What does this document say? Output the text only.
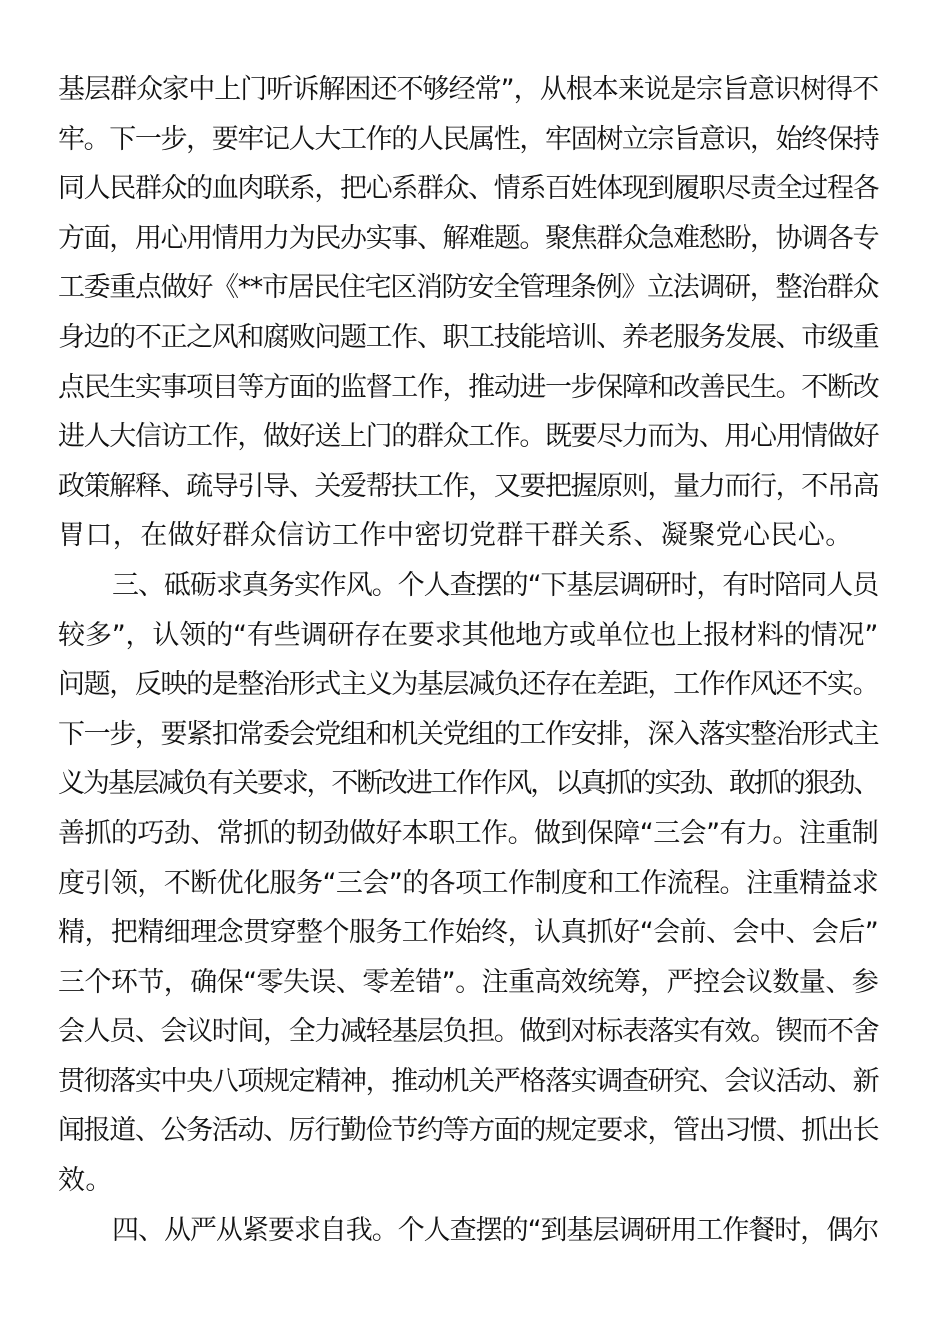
基层群众家中上门听诉解困还不够经常”，从根本来说是宗旨意识树得不
牢。下一步，要牢记人大工作的人民属性，牢固树立宗旨意识，始终保持
同人民群众的血肉联系，把心系群众、情系百姓体现到履职尽责全过程各
方面，用心用情用力为民办实事、解难题。聚焦群众急难愁盼，协调各专
工委重点做好《**市居民住宅区消防安全管理条例》立法调研，整治群众
身边的不正之风和腐败问题工作、职工技能培训、养老服务发展、市级重
点民生实事项目等方面的监督工作，推动进一步保障和改善民生。不断改
进人大信访工作，做好送上门的群众工作。既要尽力而为、用心用情做好
政策解释、疏导引导、关爱帮扶工作，又要把握原则，量力而行，不吊高
胃口，在做好群众信访工作中密切党群干群关系、凝聚党心民心。
三、砥砺求真务实作风。个人查摆的“下基层调研时，有时陪同人员
较多”，认领的“有些调研存在要求其他地方或单位也上报材料的情况”
问题，反映的是整治形式主义为基层减负还存在差距，工作作风还不实。
下一步，要紧扣常委会党组和机关党组的工作安排，深入落实整治形式主
义为基层减负有关要求，不断改进工作作风，以真抓的实劲、敢抓的狠劲、
善抓的巧劲、常抓的韧劲做好本职工作。做到保障“三会”有力。注重制
度引领，不断优化服务“三会”的各项工作制度和工作流程。注重精益求
精，把精细理念贯穿整个服务工作始终，认真抓好“会前、会中、会后”
三个环节，确保“零失误、零差错”。注重高效统筹，严控会议数量、参
会人员、会议时间，全力减轻基层负担。做到对标表落实有效。锲而不舍
贯彻落实中央八项规定精神，推动机关严格落实调查研究、会议活动、新
闻报道、公务活动、厉行勤俭节约等方面的规定要求，管出习惯、抓出长
效。
四、从严从紧要求自我。个人查摆的“到基层调研用工作餐时，偶尔
